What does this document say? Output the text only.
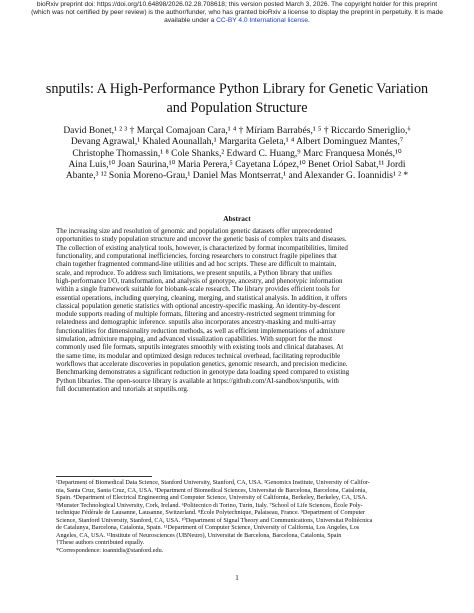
bioRxiv preprint doi: https://doi.org/10.64898/2026.02.28.708618; this version posted March 3, 2026. The copyright holder for this preprint
(which was not certified by peer review) is the author/funder, who has granted bioRxiv a license to display the preprint in perpetuity. It is made
available under a CC-BY 4.0 International license.
snputils: A High-Performance Python Library for Genetic Variation
and Population Structure
David Bonet,¹ ² ³ † Marçal Comajoan Cara,¹ ⁴ † Míriam Barrabés,¹ ⁵ † Riccardo Smeriglio,⁶
Devang Agrawal,¹ Khaled Aounallah,¹ Margarita Geleta,¹ ⁴ Albert Dominguez Mantes,⁷
Christophe Thomassin,¹ ⁸ Cole Shanks,² Edward C. Huang,⁹ Marc Franquesa Monés,¹⁰
Aina Luis,¹⁰ Joan Saurina,¹⁰ Maria Perera,⁵ Cayetana López,¹⁰ Benet Oriol Sabat,¹¹ Jordi
Abante,³ ¹² Sonia Moreno-Grau,¹ Daniel Mas Montserrat,¹ and Alexander G. Ioannidis¹ ² *
Abstract
The increasing size and resolution of genomic and population genetic datasets offer unprecedented
opportunities to study population structure and uncover the genetic basis of complex traits and diseases.
The collection of existing analytical tools, however, is characterized by format incompatibilities, limited
functionality, and computational inefficiencies, forcing researchers to construct fragile pipelines that
chain together fragmented command-line utilities and ad hoc scripts. These are difficult to maintain,
scale, and reproduce. To address such limitations, we present snputils, a Python library that unifies
high-performance I/O, transformation, and analysis of genotype, ancestry, and phenotypic information
within a single framework suitable for biobank-scale research. The library provides efficient tools for
essential operations, including querying, cleaning, merging, and statistical analysis. In addition, it offers
classical population genetic statistics with optional ancestry-specific masking. An identity-by-descent
module supports reading of multiple formats, filtering and ancestry-restricted segment trimming for
relatedness and demographic inference. snputils also incorporates ancestry-masking and multi-array
functionalities for dimensionality reduction methods, as well as efficient implementations of admixture
simulation, admixture mapping, and advanced visualization capabilities. With support for the most
commonly used file formats, snputils integrates smoothly with existing tools and clinical databases. At
the same time, its modular and optimized design reduces technical overhead, facilitating reproducible
workflows that accelerate discoveries in population genetics, genomic research, and precision medicine.
Benchmarking demonstrates a significant reduction in genotype data loading speed compared to existing
Python libraries. The open-source library is available at https://github.com/AI-sandbox/snputils, with
full documentation and tutorials at snputils.org.
¹Department of Biomedical Data Science, Stanford University, Stanford, CA, USA. ²Genomics Institute, University of Califor-
nia, Santa Cruz, Santa Cruz, CA, USA. ³Department of Biomedical Sciences, Universitat de Barcelona, Barcelona, Catalonia,
Spain. ⁴Department of Electrical Engineering and Computer Science, University of California, Berkeley, Berkeley, CA, USA.
⁵Munster Technological University, Cork, Ireland. ⁶Politecnico di Torino, Turin, Italy. ⁷School of Life Sciences, École Poly-
technique Fédérale de Lausanne, Lausanne, Switzerland. ⁸École Polytechnique, Palaiseau, France. ⁹Department of Computer
Science, Stanford University, Stanford, CA, USA. ¹⁰Department of Signal Theory and Communications, Universitat Politècnica
de Catalunya, Barcelona, Catalonia, Spain. ¹¹Department of Computer Science, University of California, Los Angeles, Los
Angeles, CA, USA. ¹²Institute of Neurosciences (UBNeuro), Universitat de Barcelona, Barcelona, Catalonia, Spain
†These authors contributed equally.
*Correspondence: ioannidis@stanford.edu.
1
